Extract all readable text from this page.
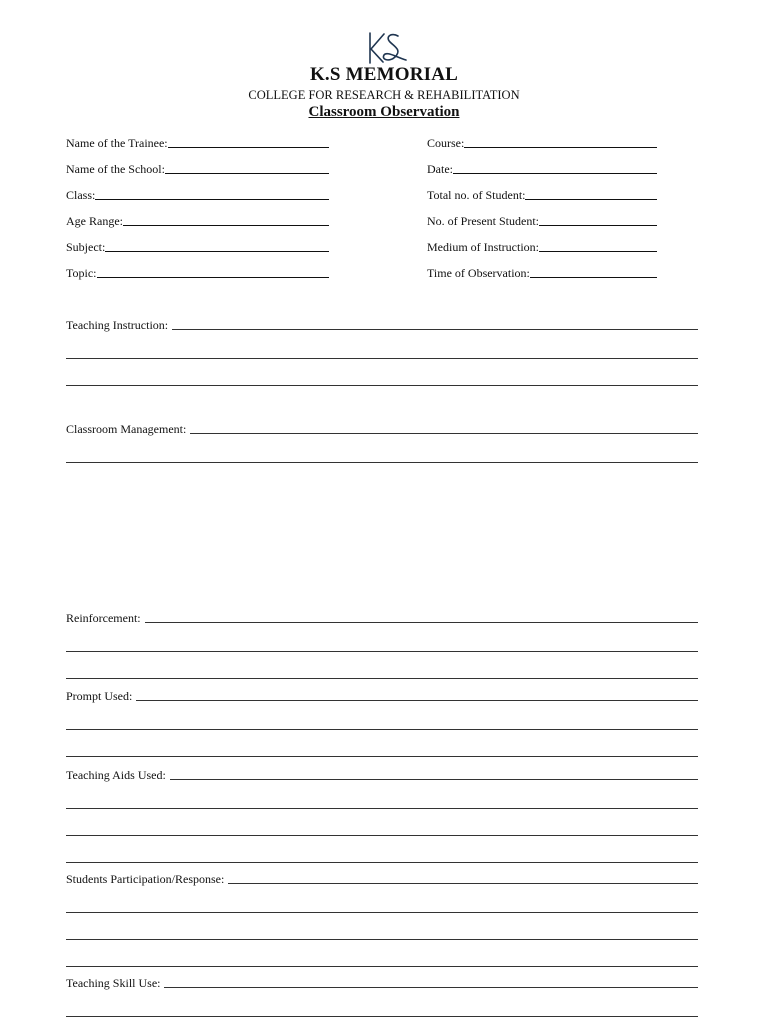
K.S MEMORIAL
COLLEGE FOR RESEARCH & REHABILITATION
Classroom Observation
Name of the Trainee:
Name of the School:
Class:
Age Range:
Subject:
Topic:
Course:
Date:
Total no. of Student:
No. of Present Student:
Medium of Instruction:
Time of Observation:
Teaching Instruction:
Classroom Management:
Reinforcement:
Prompt Used:
Teaching Aids Used:
Students Participation/Response:
Teaching Skill Use:
